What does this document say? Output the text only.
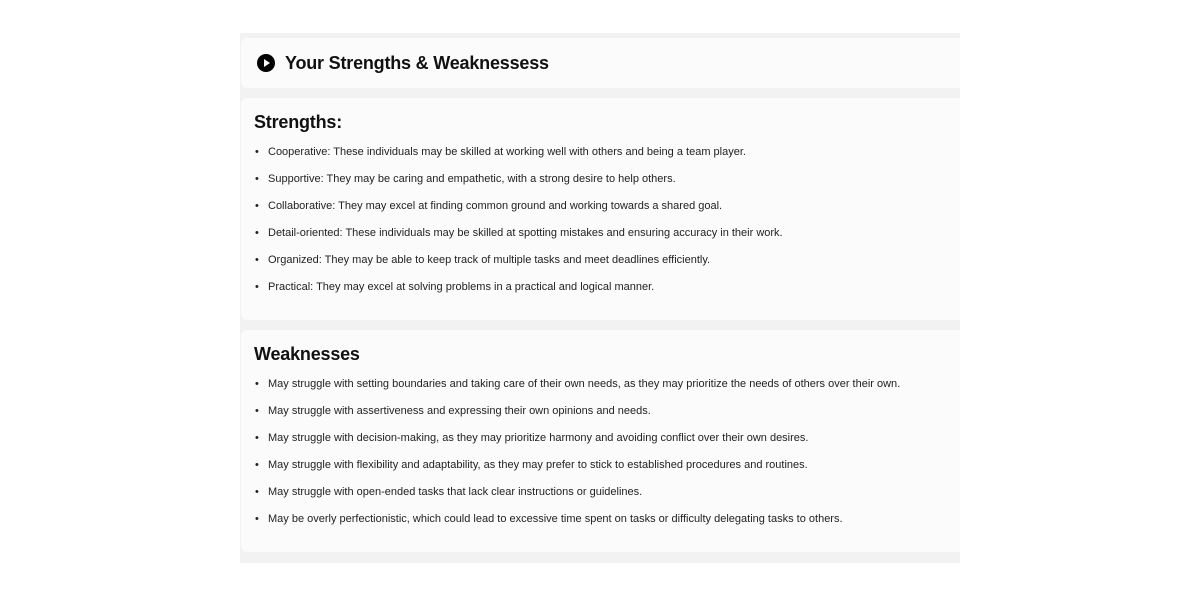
Your Strengths & Weaknessess
Strengths:
• Cooperative: These individuals may be skilled at working well with others and being a team player.
• Supportive: They may be caring and empathetic, with a strong desire to help others.
• Collaborative: They may excel at finding common ground and working towards a shared goal.
• Detail-oriented: These individuals may be skilled at spotting mistakes and ensuring accuracy in their work.
• Organized: They may be able to keep track of multiple tasks and meet deadlines efficiently.
• Practical: They may excel at solving problems in a practical and logical manner.
Weaknesses
• May struggle with setting boundaries and taking care of their own needs, as they may prioritize the needs of others over their own.
• May struggle with assertiveness and expressing their own opinions and needs.
• May struggle with decision-making, as they may prioritize harmony and avoiding conflict over their own desires.
• May struggle with flexibility and adaptability, as they may prefer to stick to established procedures and routines.
• May struggle with open-ended tasks that lack clear instructions or guidelines.
• May be overly perfectionistic, which could lead to excessive time spent on tasks or difficulty delegating tasks to others.
